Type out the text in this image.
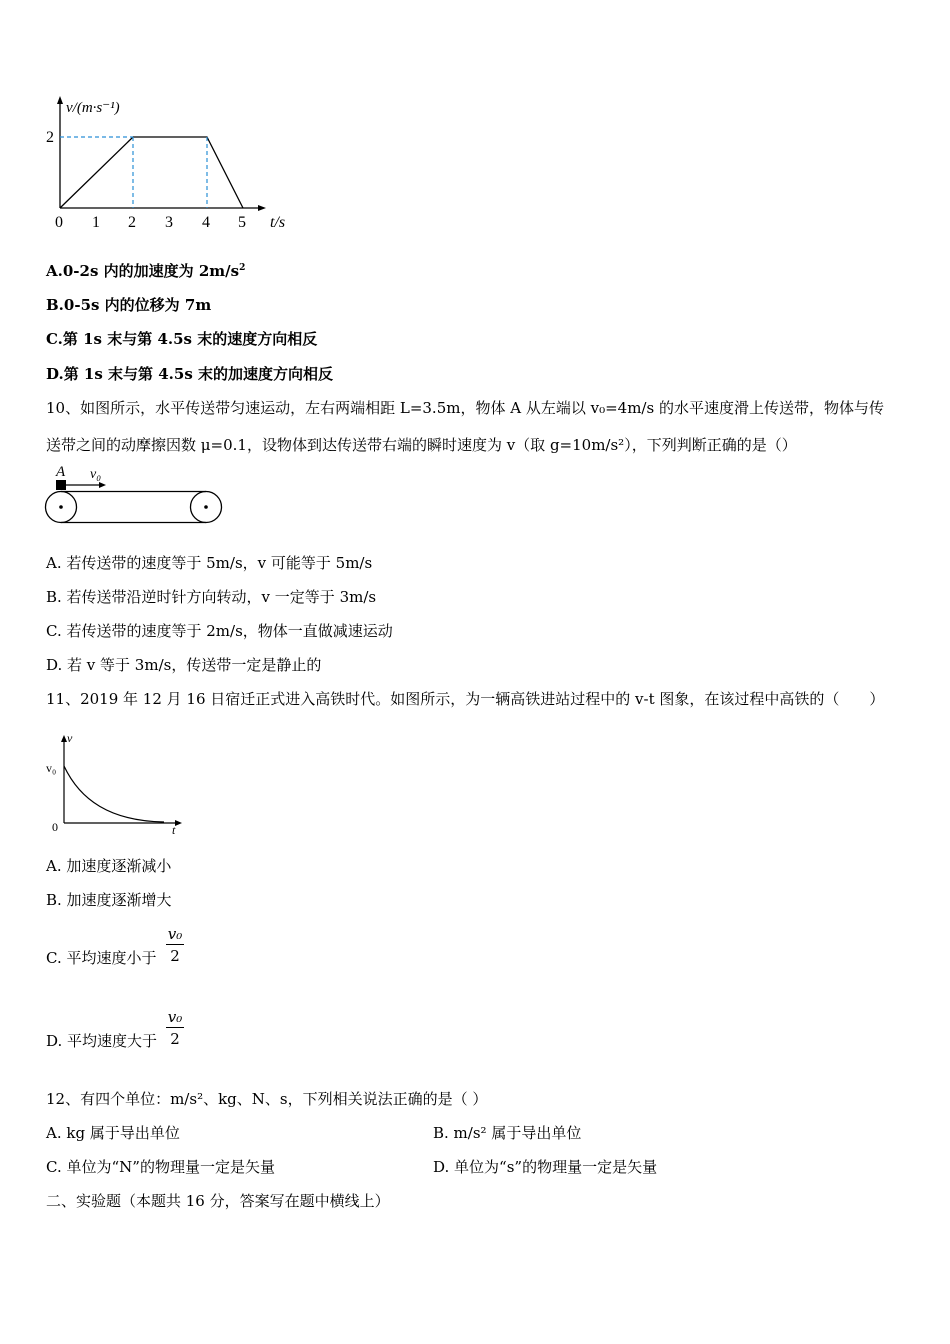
v/(m·s⁻¹)
2
0 1 2 3 4 5 t/s
A.0-2s 内的加速度为 $2m/s^2$
B.0-5s 内的位移为 7m
C.第 1s 末与第 4.5s 末的速度方向相反
D.第 1s 末与第 4.5s 末的加速度方向相反
10、如图所示，水平传送带匀速运动，左右两端相距 L=3.5m，物体 A 从左端以 v₀=4m/s 的水平速度滑上传送带，物体与传
送带之间的动摩擦因数 μ=0.1，设物体到达传送带右端的瞬时速度为 v（取 g=10m/s²），下列判断正确的是（）
A v₀
A. 若传送带的速度等于 5m/s，v 可能等于 5m/s
B. 若传送带沿逆时针方向转动，v 一定等于 3m/s
C. 若传送带的速度等于 2m/s，物体一直做减速运动
D. 若 v 等于 3m/s，传送带一定是静止的
11、2019 年 12 月 16 日宿迁正式进入高铁时代。如图所示，为一辆高铁进站过程中的 v-t 图象，在该过程中高铁的（　　）
v
v₀
0	t
A. 加速度逐渐减小
B. 加速度逐渐增大
C. 平均速度小于
v₀
2
D. 平均速度大于
v₀
2
12、有四个单位：m/s²、kg、N、s，下列相关说法正确的是（ ）
A. kg 属于导出单位	B. m/s² 属于导出单位
C. 单位为“N”的物理量一定是矢量	D. 单位为“s”的物理量一定是矢量
二、实验题（本题共 16 分，答案写在题中横线上）
